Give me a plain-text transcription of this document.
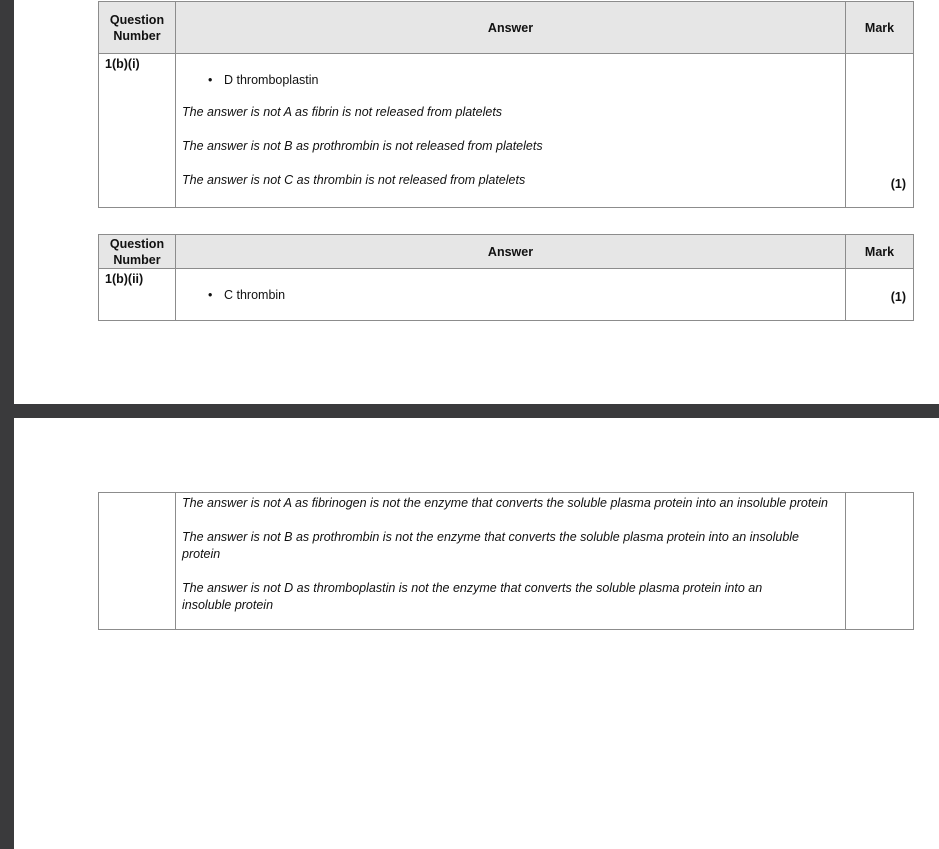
Question Number	Answer	Mark
1(b)(i)	• D thromboplastin
The answer is not A as fibrin is not released from platelets
The answer is not B as prothrombin is not released from platelets
The answer is not C as thrombin is not released from platelets	(1)
Question Number	Answer	Mark
1(b)(ii)	• C thrombin	(1)

The answer is not A as fibrinogen is not the enzyme that converts the soluble plasma protein into an insoluble protein
The answer is not B as prothrombin is not the enzyme that converts the soluble plasma protein into an insoluble protein
The answer is not D as thromboplastin is not the enzyme that converts the soluble plasma protein into an insoluble protein
